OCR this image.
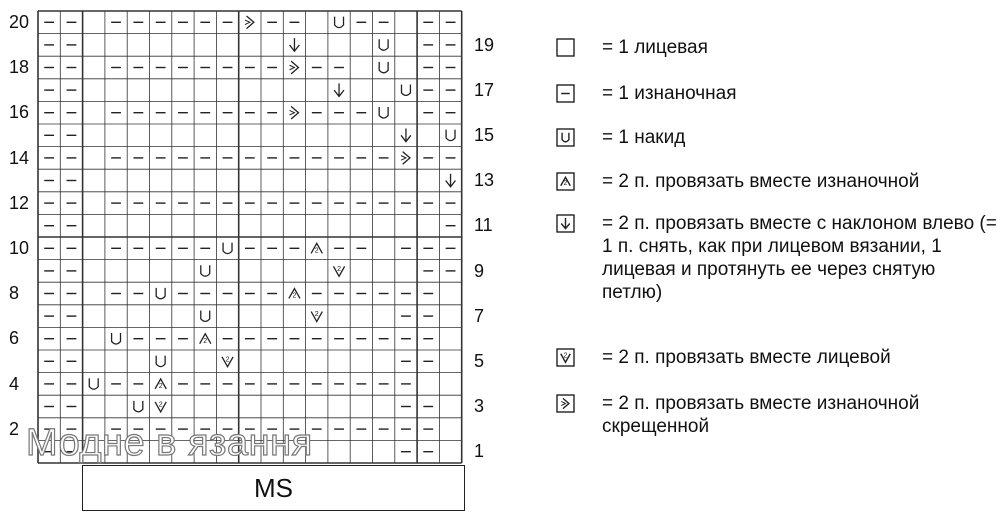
2
2
2
2
2
2
2
2
20
18
16
14
12
10
8
6
4
2
19
17
15
13
11
9
7
5
3
1
MS
Модне в язання
= 1 лицевая
= 1 изнаночная
= 1 накид
2 = 2 п. провязать вместе изнаночной
= 2 п. провязать вместе с наклоном влево (= 1 п. снять, как при лицевом вязании, 1 лицевая и протянуть ее через снятую петлю)
2 = 2 п. провязать вместе лицевой
= 2 п. провязать вместе изнаночной скрещенной
